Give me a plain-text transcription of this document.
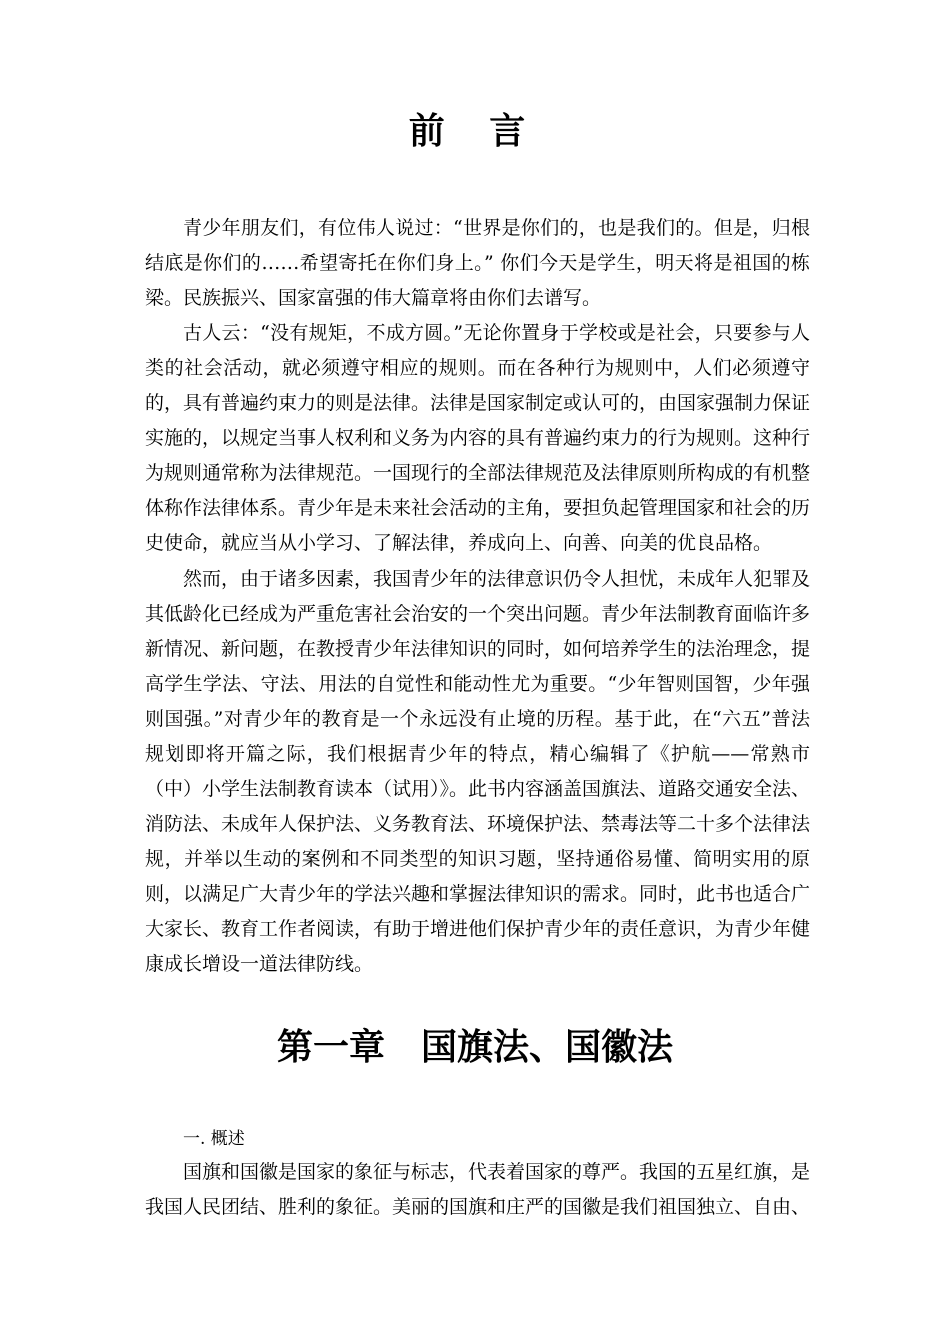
前 言

青少年朋友们，有位伟人说过：“世界是你们的，也是我们的。但是，归根结底是你们的……希望寄托在你们身上。” 你们今天是学生，明天将是祖国的栋梁。民族振兴、国家富强的伟大篇章将由你们去谱写。

古人云：“没有规矩，不成方圆。”无论你置身于学校或是社会，只要参与人类的社会活动，就必须遵守相应的规则。而在各种行为规则中，人们必须遵守的，具有普遍约束力的则是法律。法律是国家制定或认可的，由国家强制力保证实施的，以规定当事人权利和义务为内容的具有普遍约束力的行为规则。这种行为规则通常称为法律规范。一国现行的全部法律规范及法律原则所构成的有机整体称作法律体系。青少年是未来社会活动的主角，要担负起管理国家和社会的历史使命，就应当从小学习、了解法律，养成向上、向善、向美的优良品格。

然而，由于诸多因素，我国青少年的法律意识仍令人担忧，未成年人犯罪及其低龄化已经成为严重危害社会治安的一个突出问题。青少年法制教育面临许多新情况、新问题，在教授青少年法律知识的同时，如何培养学生的法治理念，提高学生学法、守法、用法的自觉性和能动性尤为重要。“少年智则国智，少年强则国强。”对青少年的教育是一个永远没有止境的历程。基于此，在“六五”普法规划即将开篇之际，我们根据青少年的特点，精心编辑了《护航——常熟市（中）小学生法制教育读本（试用）》。此书内容涵盖国旗法、道路交通安全法、消防法、未成年人保护法、义务教育法、环境保护法、禁毒法等二十多个法律法规，并举以生动的案例和不同类型的知识习题，坚持通俗易懂、简明实用的原则，以满足广大青少年的学法兴趣和掌握法律知识的需求。同时，此书也适合广大家长、教育工作者阅读，有助于增进他们保护青少年的责任意识，为青少年健康成长增设一道法律防线。

第一章　国旗法、国徽法

一. 概述

国旗和国徽是国家的象征与标志，代表着国家的尊严。我国的五星红旗，是我国人民团结、胜利的象征。美丽的国旗和庄严的国徽是我们祖国独立、自由、
